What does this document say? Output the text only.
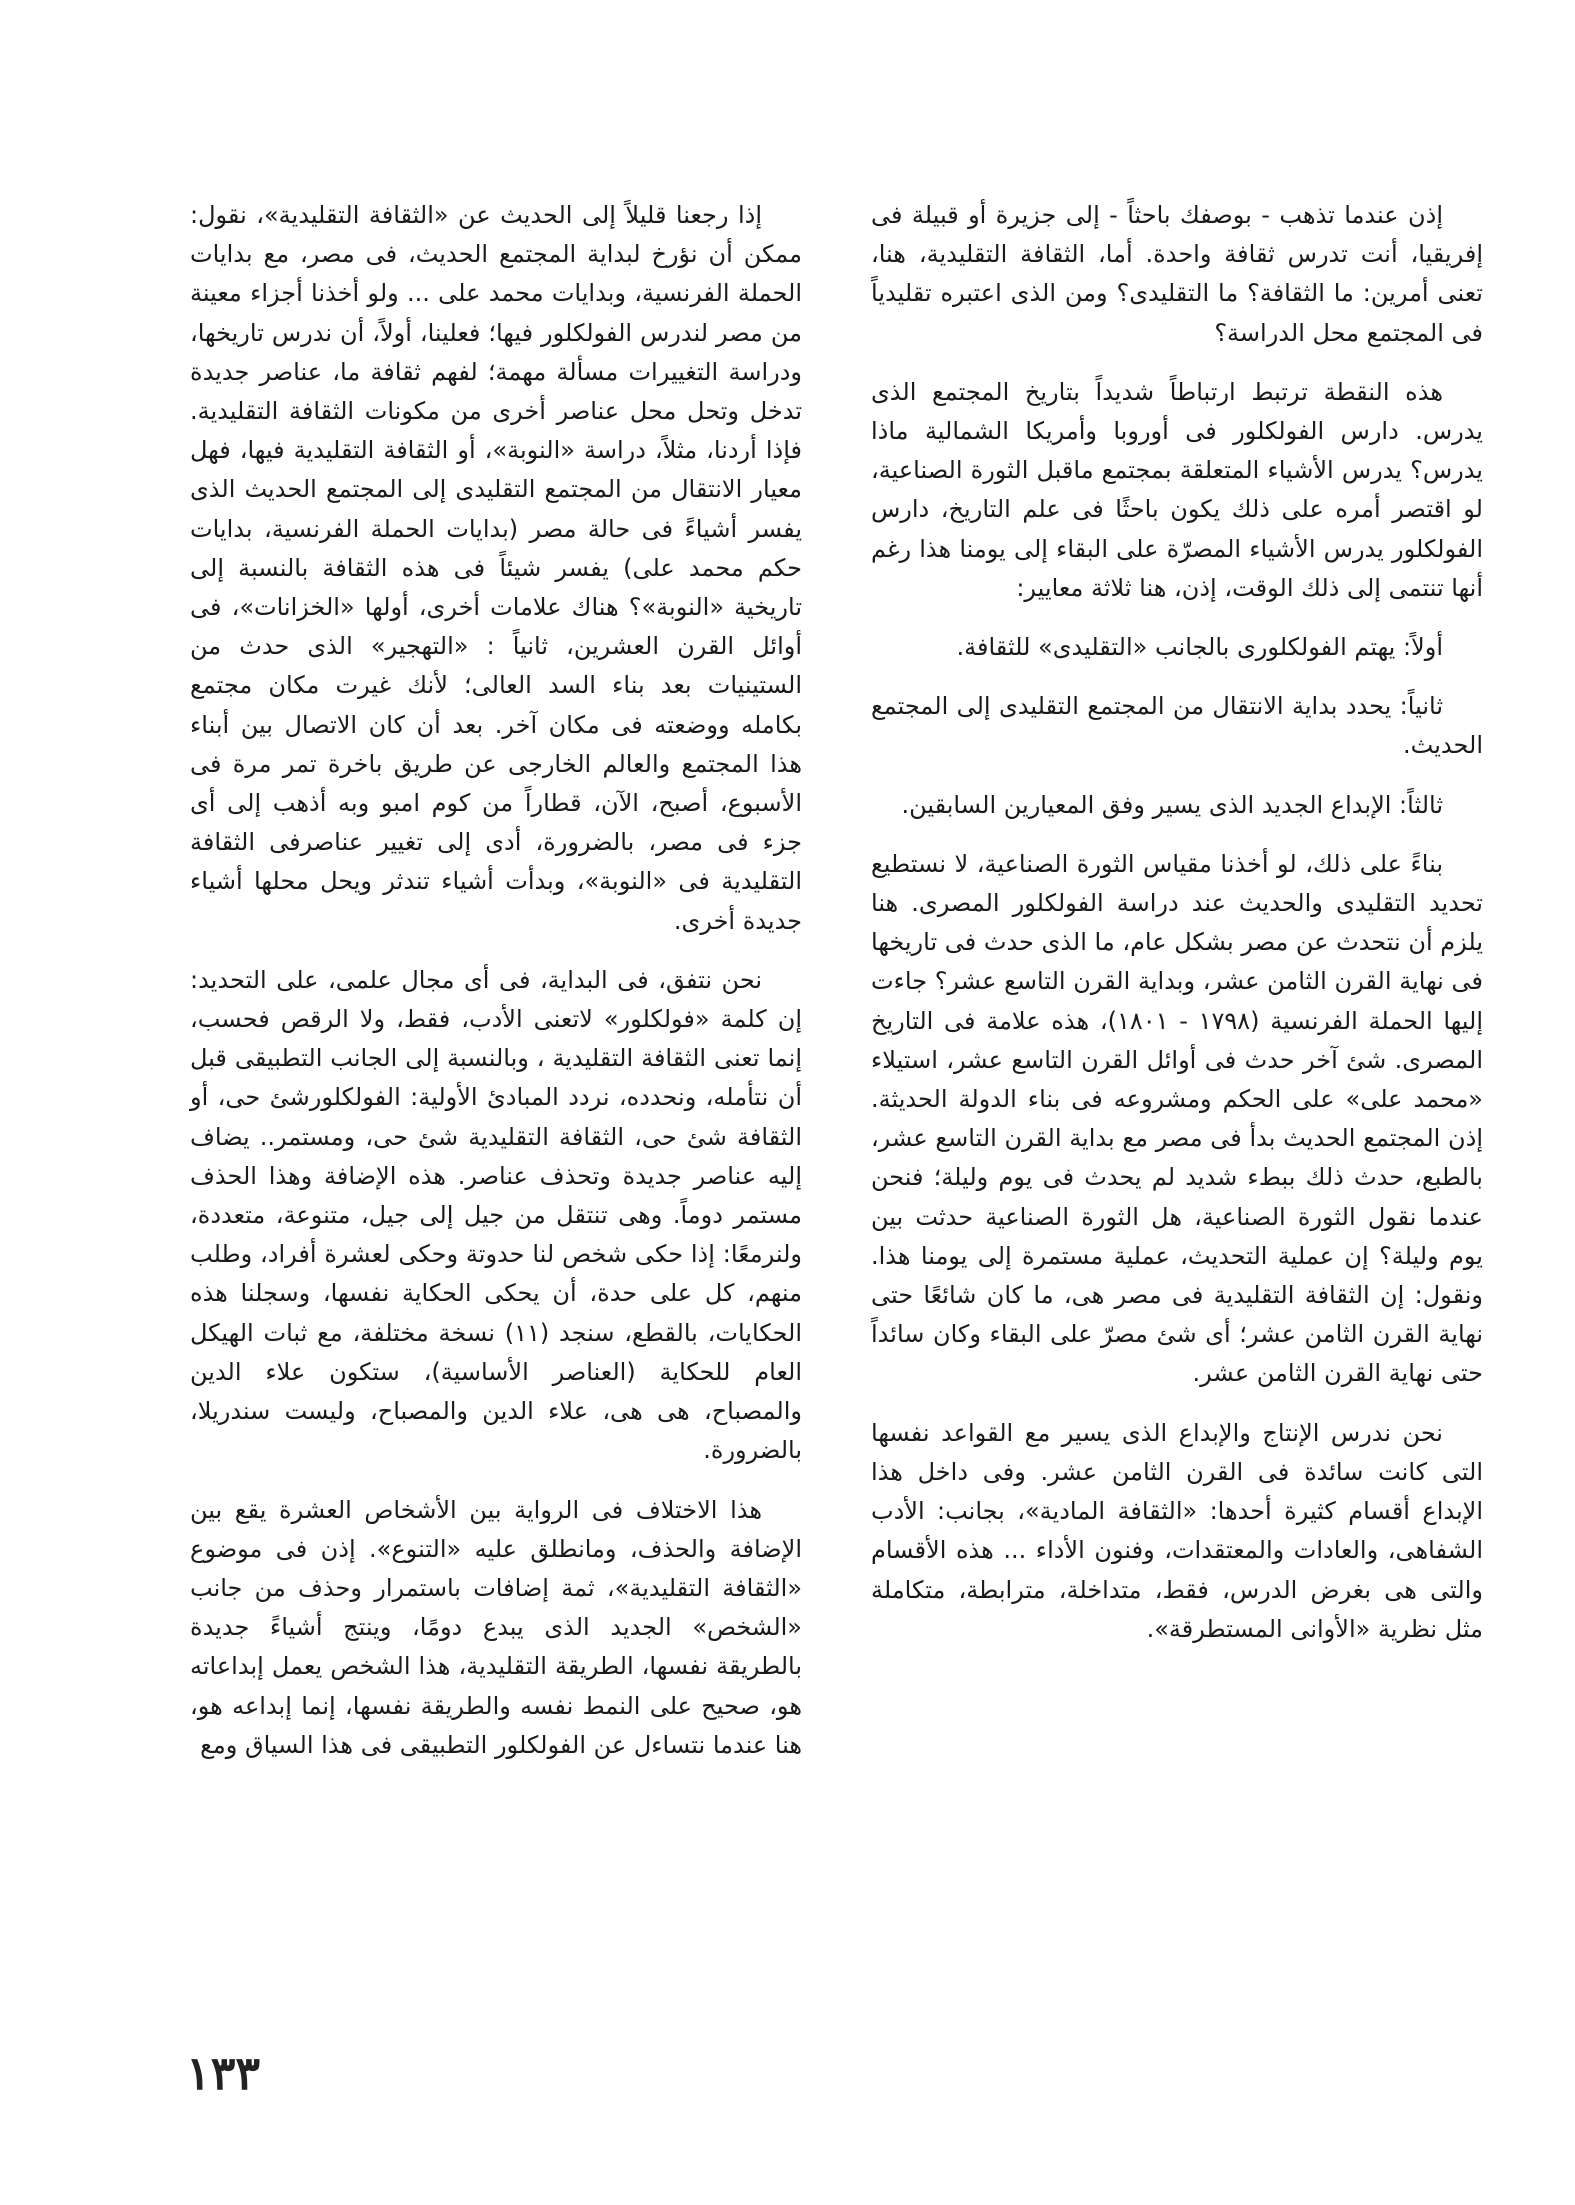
إذن عندما تذهب - بوصفك باحثاً - إلى جزيرة أو قبيلة فى إفريقيا، أنت تدرس ثقافة واحدة. أما، الثقافة التقليدية، هنا، تعنى أمرين: ما الثقافة؟ ما التقليدى؟ ومن الذى اعتبره تقليدياً فى المجتمع محل الدراسة؟

هذه النقطة ترتبط ارتباطاً شديداً بتاريخ المجتمع الذى يدرس. دارس الفولكلور فى أوروبا وأمريكا الشمالية ماذا يدرس؟ يدرس الأشياء المتعلقة بمجتمع ماقبل الثورة الصناعية، لو اقتصر أمره على ذلك يكون باحثًا فى علم التاريخ، دارس الفولكلور يدرس الأشياء المصرّة على البقاء إلى يومنا هذا رغم أنها تنتمى إلى ذلك الوقت، إذن، هنا ثلاثة معايير:

أولاً: يهتم الفولكلورى بالجانب «التقليدى» للثقافة.

ثانياً: يحدد بداية الانتقال من المجتمع التقليدى إلى المجتمع الحديث.

ثالثاً: الإبداع الجديد الذى يسير وفق المعيارين السابقين.

بناءً على ذلك، لو أخذنا مقياس الثورة الصناعية، لا نستطيع تحديد التقليدى والحديث عند دراسة الفولكلور المصرى. هنا يلزم أن نتحدث عن مصر بشكل عام، ما الذى حدث فى تاريخها فى نهاية القرن الثامن عشر، وبداية القرن التاسع عشر؟ جاءت إليها الحملة الفرنسية (١٧٩٨ - ١٨٠١)، هذه علامة فى التاريخ المصرى. شئ آخر حدث فى أوائل القرن التاسع عشر، استيلاء «محمد على» على الحكم ومشروعه فى بناء الدولة الحديثة. إذن المجتمع الحديث بدأ فى مصر مع بداية القرن التاسع عشر، بالطبع، حدث ذلك ببطء شديد لم يحدث فى يوم وليلة؛ فنحن عندما نقول الثورة الصناعية، هل الثورة الصناعية حدثت بين يوم وليلة؟ إن عملية التحديث، عملية مستمرة إلى يومنا هذا. ونقول: إن الثقافة التقليدية فى مصر هى، ما كان شائعًا حتى نهاية القرن الثامن عشر؛ أى شئ مصرّ على البقاء وكان سائداً حتى نهاية القرن الثامن عشر.

نحن ندرس الإنتاج والإبداع الذى يسير مع القواعد نفسها التى كانت سائدة فى القرن الثامن عشر. وفى داخل هذا الإبداع أقسام كثيرة أحدها: «الثقافة المادية»، بجانب: الأدب الشفاهى، والعادات والمعتقدات، وفنون الأداء ... هذه الأقسام والتى هى بغرض الدرس، فقط، متداخلة، مترابطة، متكاملة مثل نظرية «الأوانى المستطرقة».

إذا رجعنا قليلاً إلى الحديث عن «الثقافة التقليدية»، نقول: ممكن أن نؤرخ لبداية المجتمع الحديث، فى مصر، مع بدايات الحملة الفرنسية، وبدايات محمد على ... ولو أخذنا أجزاء معينة من مصر لندرس الفولكلور فيها؛ فعلينا، أولاً، أن ندرس تاريخها، ودراسة التغييرات مسألة مهمة؛ لفهم ثقافة ما، عناصر جديدة تدخل وتحل محل عناصر أخرى من مكونات الثقافة التقليدية. فإذا أردنا، مثلاً، دراسة «النوبة»، أو الثقافة التقليدية فيها، فهل معيار الانتقال من المجتمع التقليدى إلى المجتمع الحديث الذى يفسر أشياءً فى حالة مصر (بدايات الحملة الفرنسية، بدايات حكم محمد على) يفسر شيئاً فى هذه الثقافة بالنسبة إلى تاريخية «النوبة»؟ هناك علامات أخرى، أولها «الخزانات»، فى أوائل القرن العشرين، ثانياً : «التهجير» الذى حدث من الستينيات بعد بناء السد العالى؛ لأنك غيرت مكان مجتمع بكامله ووضعته فى مكان آخر. بعد أن كان الاتصال بين أبناء هذا المجتمع والعالم الخارجى عن طريق باخرة تمر مرة فى الأسبوع، أصبح، الآن، قطاراً من كوم امبو وبه أذهب إلى أى جزء فى مصر، بالضرورة، أدى إلى تغيير عناصرفى الثقافة التقليدية فى «النوبة»، وبدأت أشياء تندثر ويحل محلها أشياء جديدة أخرى.

نحن نتفق، فى البداية، فى أى مجال علمى، على التحديد: إن كلمة «فولكلور» لاتعنى الأدب، فقط، ولا الرقص فحسب، إنما تعنى الثقافة التقليدية ، وبالنسبة إلى الجانب التطبيقى قبل أن نتأمله، ونحدده، نردد المبادئ الأولية: الفولكلورشئ حى، أو الثقافة شئ حى، الثقافة التقليدية شئ حى، ومستمر.. يضاف إليه عناصر جديدة وتحذف عناصر. هذه الإضافة وهذا الحذف مستمر دوماً. وهى تنتقل من جيل إلى جيل، متنوعة، متعددة، ولنرمعًا: إذا حكى شخص لنا حدوتة وحكى لعشرة أفراد، وطلب منهم، كل على حدة، أن يحكى الحكاية نفسها، وسجلنا هذه الحكايات، بالقطع، سنجد (١١) نسخة مختلفة، مع ثبات الهيكل العام للحكاية (العناصر الأساسية)، ستكون علاء الدين والمصباح، هى هى، علاء الدين والمصباح، وليست سندريلا، بالضرورة.

هذا الاختلاف فى الرواية بين الأشخاص العشرة يقع بين الإضافة والحذف، ومانطلق عليه «التنوع». إذن فى موضوع «الثقافة التقليدية»، ثمة إضافات باستمرار وحذف من جانب «الشخص» الجديد الذى يبدع دومًا، وينتج أشياءً جديدة بالطريقة نفسها، الطريقة التقليدية، هذا الشخص يعمل إبداعاته هو، صحيح على النمط نفسه والطريقة نفسها، إنما إبداعه هو، هنا عندما نتساءل عن الفولكلور التطبيقى فى هذا السياق ومع

١٣٣
